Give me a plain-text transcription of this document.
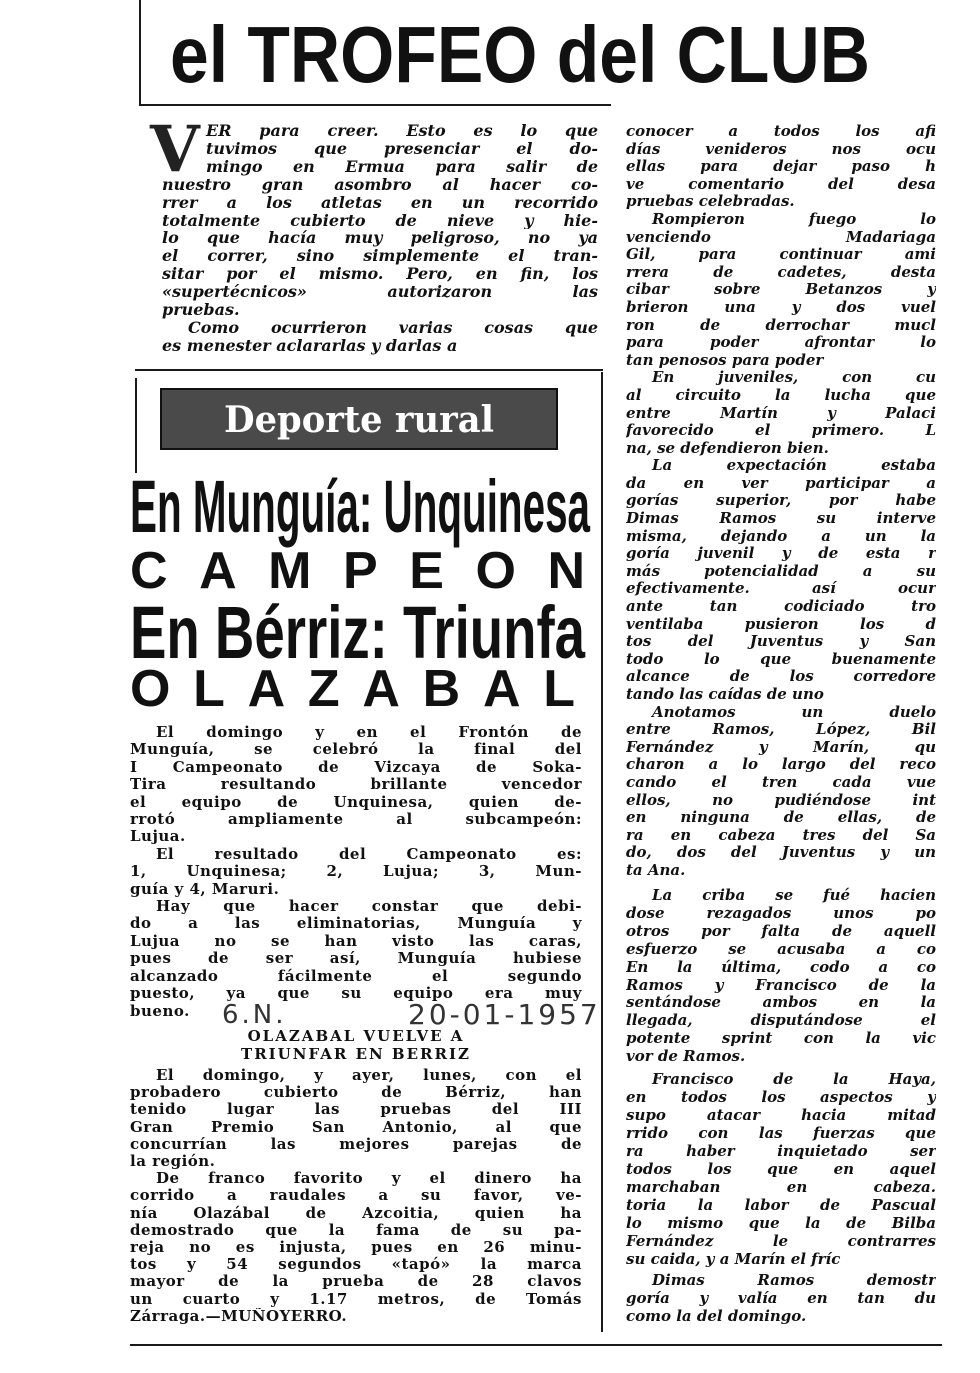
el TROFEO del CLUB
V
Deporte rural
En Munguía: Unquinesa
CAMPEON
En Bérriz: Triunfa
OLAZABAL
ER para creer. Esto es lo que
tuvimos que presenciar el do-
mingo en Ermua para salir de
nuestro gran asombro al hacer co-
rrer a los atletas en un recorrido
totalmente cubierto de nieve y hie-
lo que hacía muy peligroso, no ya
el correr, sino simplemente el tran-
sitar por el mismo. Pero, en fin, los
«supertécnicos» autorizaron las
pruebas.
Como ocurrieron varias cosas que
es menester aclararlas y darlas a
El domingo y en el Frontón de
Munguía, se celebró la final del
I Campeonato de Vizcaya de Soka-
Tira resultando brillante vencedor
el equipo de Unquinesa, quien de-
rrotó ampliamente al subcampeón:
Lujua.
El resultado del Campeonato es:
1, Unquinesa; 2, Lujua; 3, Mun-
guía y 4, Maruri.
Hay que hacer constar que debi-
do a las eliminatorias, Munguía y
Lujua no se han visto las caras,
pues de ser así, Munguía hubiese
alcanzado fácilmente el segundo
puesto, ya que su equipo era muy
bueno.	6.N.	20-01-1957
OLAZABAL VUELVE A
TRIUNFAR EN BERRIZ
El domingo, y ayer, lunes, con el
probadero cubierto de Bérriz, han
tenido lugar las pruebas del III
Gran Premio San Antonio, al que
concurrían las mejores parejas de
la región.
De franco favorito y el dinero ha
corrido a raudales a su favor, ve-
nía Olazábal de Azcoitia, quien ha
demostrado que la fama de su pa-
reja no es injusta, pues en 26 minu-
tos y 54 segundos «tapó» la marca
mayor de la prueba de 28 clavos
un cuarto y 1.17 metros, de Tomás
Zárraga.—MUÑOYERRO.
conocer a todos los afi
días venideros nos ocu
ellas para dejar paso h
ve comentario del desa
pruebas celebradas.
Rompieron fuego lo
venciendo Madariaga
Gil, para continuar ami
rrera de cadetes, desta
cibar sobre Betanzos y
brieron una y dos vuel
ron de derrochar mucl
para poder afrontar lo
tan penosos para poder
En juveniles, con cu
al circuito la lucha que
entre Martín y Palaci
favorecido el primero. L
na, se defendieron bien.
La expectación estaba
da en ver participar a
gorías superior, por habe
Dimas Ramos su interve
misma, dejando a un la
goría juvenil y de esta r
más potencialidad a su
efectivamente. así ocur
ante tan codiciado tro
ventilaba pusieron los d
tos del Juventus y San
todo lo que buenamente
alcance de los corredore
tando las caídas de uno
Anotamos un duelo
entre Ramos, López, Bil
Fernández y Marín, qu
charon a lo largo del reco
cando el tren cada vue
ellos, no pudiéndose int
en ninguna de ellas, de
ra en cabeza tres del Sa
do, dos del Juventus y un
ta Ana.
La criba se fué hacien
dose rezagados unos po
otros por falta de aquell
esfuerzo se acusaba a co
En la última, codo a co
Ramos y Francisco de la
sentándose ambos en la
llegada, disputándose el
potente sprint con la vic
vor de Ramos.
Francisco de la Haya,
en todos los aspectos y
supo atacar hacia mitad
rrido con las fuerzas que
ra haber inquietado ser
todos los que en aquel
marchaban en cabeza.
toria la labor de Pascual
lo mismo que la de Bilba
Fernández le contrarres
su caida, y a Marín el fríc
Dimas Ramos demostr
goría y valía en tan du
como la del domingo.
